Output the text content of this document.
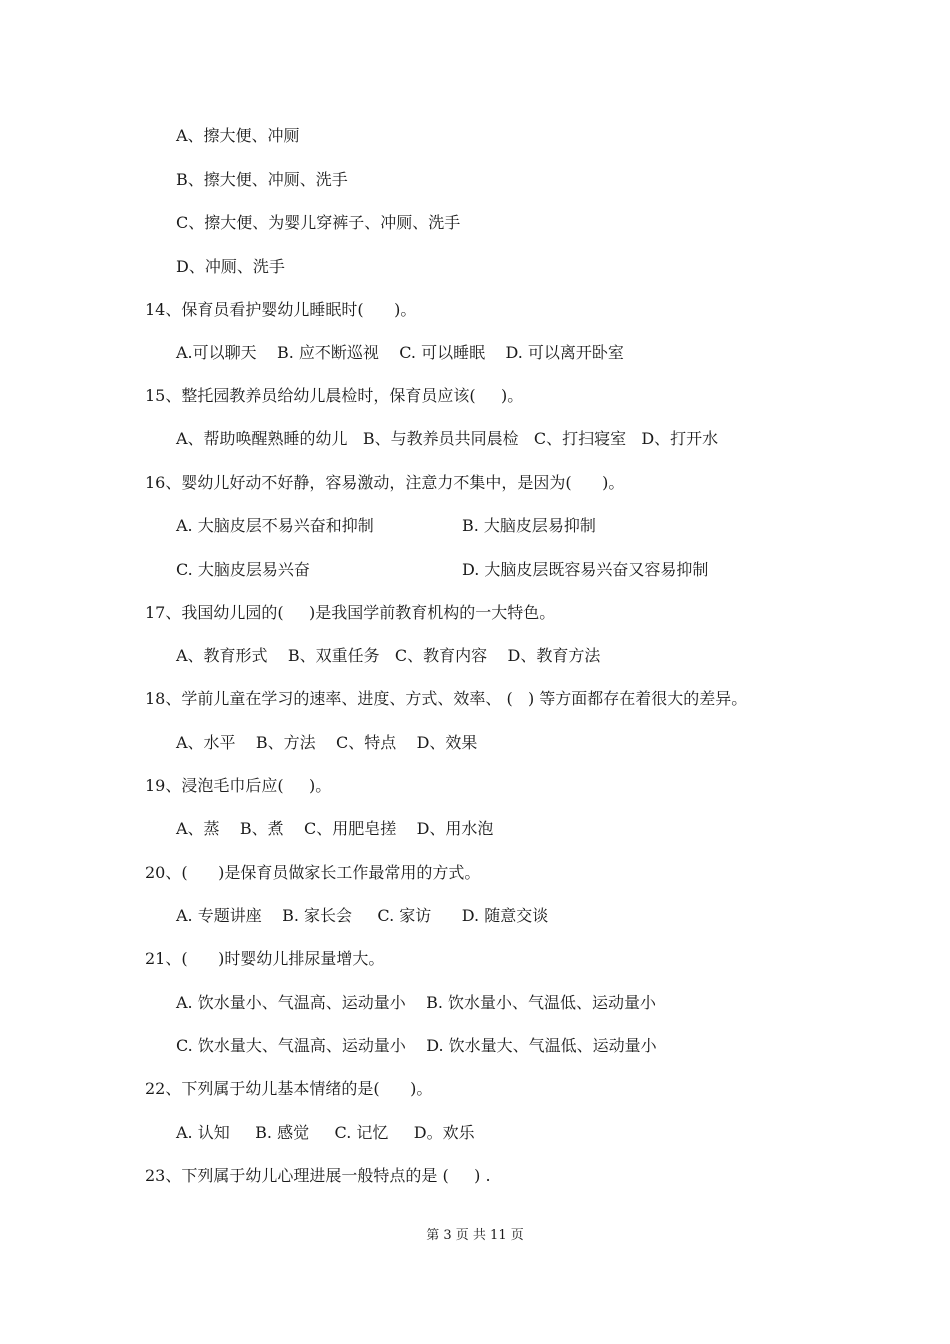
A、擦大便、冲厕
B、擦大便、冲厕、洗手
C、擦大便、为婴儿穿裤子、冲厕、洗手
D、冲厕、洗手
14、保育员看护婴幼儿睡眠时(      )。
A.可以聊天    B. 应不断巡视    C. 可以睡眠    D. 可以离开卧室
15、整托园教养员给幼儿晨检时，保育员应该(     )。
A、帮助唤醒熟睡的幼儿   B、与教养员共同晨检   C、打扫寝室   D、打开水
16、婴幼儿好动不好静，容易激动，注意力不集中，是因为(      )。
A. 大脑皮层不易兴奋和抑制	B. 大脑皮层易抑制
C. 大脑皮层易兴奋	D. 大脑皮层既容易兴奋又容易抑制
17、我国幼儿园的(     )是我国学前教育机构的一大特色。
A、教育形式    B、双重任务   C、教育内容    D、教育方法
18、学前儿童在学习的速率、进度、方式、效率、 (   ) 等方面都存在着很大的差异。
A、水平    B、方法    C、特点    D、效果
19、浸泡毛巾后应(     )。
A、蒸    B、煮    C、用肥皂搓    D、用水泡
20、(      )是保育员做家长工作最常用的方式。
A. 专题讲座    B. 家长会     C. 家访      D. 随意交谈
21、(      )时婴幼儿排尿量增大。
A. 饮水量小、气温高、运动量小    B. 饮水量小、气温低、运动量小
C. 饮水量大、气温高、运动量小    D. 饮水量大、气温低、运动量小
22、下列属于幼儿基本情绪的是(      )。
A. 认知     B. 感觉     C. 记忆     D。欢乐
23、下列属于幼儿心理进展一般特点的是 (     ) .
第 3 页 共 11 页
